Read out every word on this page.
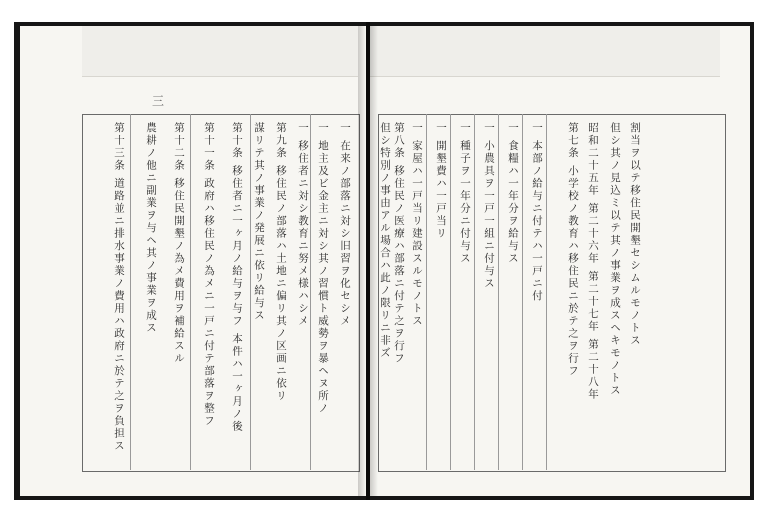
三
一 在来ノ部落ニ対シ旧習ヲ化セシメ
一 地主及ビ金主ニ対シ其ノ習慣ト威勢ヲ暴ヘヌ所ノ
一 移住者ニ対シ教育ニ努メ様ハシメ
第九条 移住民ノ部落ハ土地ニ偏リ其ノ区画ニ依リ
謀リテ其ノ事業ノ発展ニ依リ給与ス
第十条 移住者ニ一ヶ月ノ給与ヲ与フ 本件ハ一ヶ月ノ後
第十一条 政府ハ移住民ノ為メニ一戸ニ付テ部落ヲ整フ
第十二条 移住民開墾ノ為メ費用ヲ補給スル
農耕ノ他ニ副業ヲ与ヘ其ノ事業ヲ成ス
第十三条 道路並ニ排水事業ノ費用ハ政府ニ於テ之ヲ負担ス	割当ヲ以テ移住民開墾セシムルモノトス
但シ其ノ見込ミ以テ其ノ事業ヲ成スヘキモノトス
昭和二十五年 第二十六年 第二十七年 第二十八年
第七条 小学校ノ教育ハ移住民ニ於テ之ヲ行フ
一 本部ノ給与ニ付テハ一戸ニ付
一 食糧ハ一年分ヲ給与ス
一 小農具ヲ一戸一組ニ付与ス
一 種子ヲ一年分ニ付与ス
一 開墾費ハ一戸当リ
一 家屋ハ一戸当リ建設スルモノトス
第八条 移住民ノ医療ハ部落ニ付テ之ヲ行フ
但シ特別ノ事由アル場合ハ此ノ限リニ非ズ
